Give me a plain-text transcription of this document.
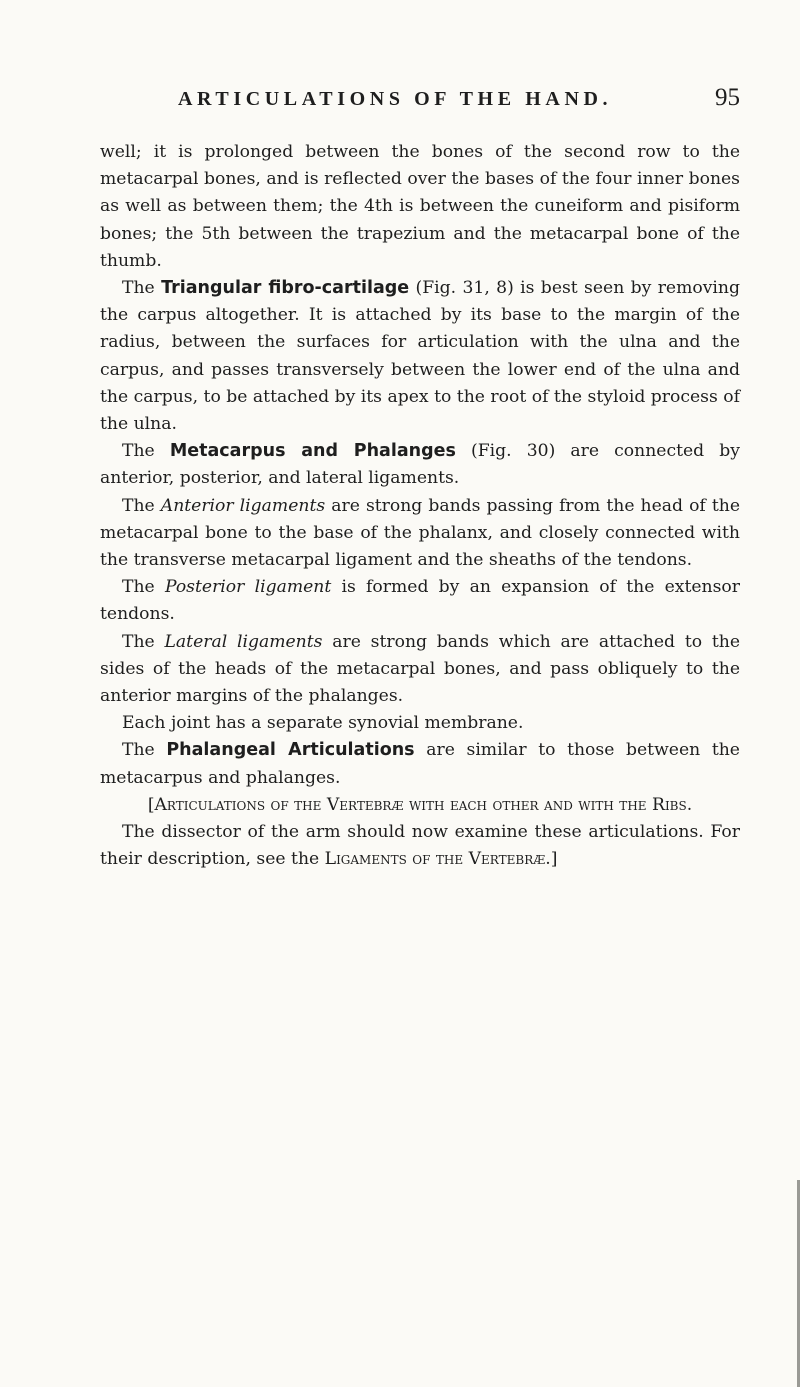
ARTICULATIONS OF THE HAND.	95

well; it is prolonged between the bones of the second row to the metacarpal bones, and is reflected over the bases of the four inner bones as well as between them; the 4th is between the cuneiform and pisiform bones; the 5th between the trapezium and the metacarpal bone of the thumb.

The Triangular fibro-cartilage (Fig. 31, 8) is best seen by removing the carpus altogether. It is attached by its base to the margin of the radius, between the surfaces for articulation with the ulna and the carpus, and passes transversely between the lower end of the ulna and the carpus, to be attached by its apex to the root of the styloid process of the ulna.

The Metacarpus and Phalanges (Fig. 30) are connected by anterior, posterior, and lateral ligaments.

The Anterior ligaments are strong bands passing from the head of the metacarpal bone to the base of the phalanx, and closely connected with the transverse metacarpal ligament and the sheaths of the tendons.

The Posterior ligament is formed by an expansion of the extensor tendons.

The Lateral ligaments are strong bands which are attached to the sides of the heads of the metacarpal bones, and pass obliquely to the anterior margins of the phalanges.

Each joint has a separate synovial membrane.

The Phalangeal Articulations are similar to those between the metacarpus and phalanges.

[Articulations of the Vertebræ with each other and with the Ribs.

The dissector of the arm should now examine these articulations. For their description, see the Ligaments of the Vertebræ.]
